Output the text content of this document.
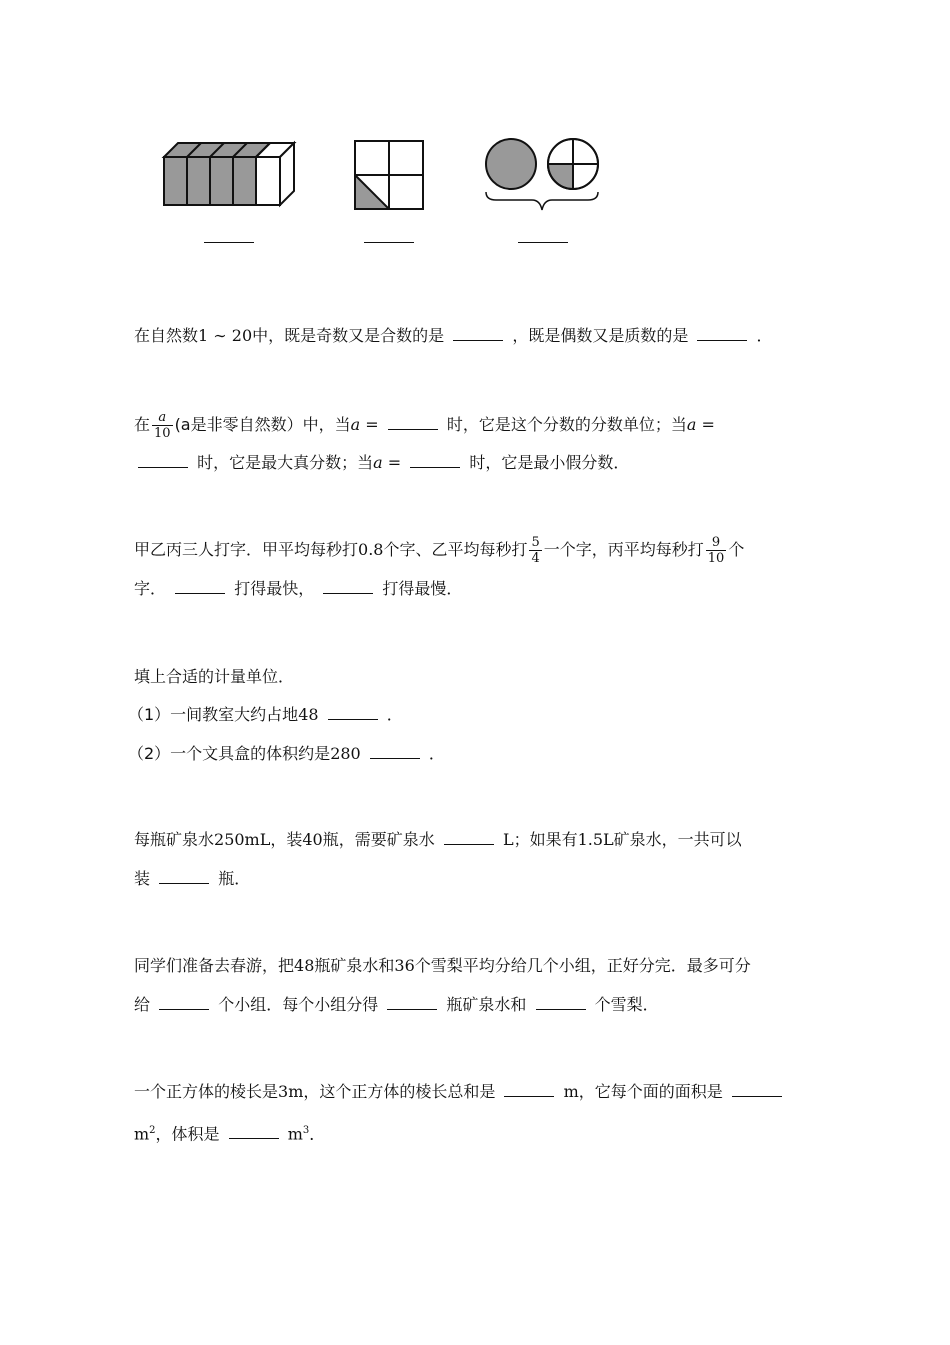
在自然数1 ∼ 20中，既是奇数又是合数的是	，既是偶数又是质数的是	．
在 $\frac{a}{10} (a$是非零自然数）中，当a =	时，它是这个分数的分数单位；当a =
时，它是最大真分数；当a =	时，它是最小假分数．
甲乙丙三人打字．甲平均每秒打0.8个字、乙平均每秒打 $\frac{5}{4}$ 一个字，丙平均每秒打 $\frac{9}{10}$ 个
字．	打得最快，	打得最慢．
填上合适的计量单位．
（1）一间教室大约占地48	．
（2）一个文具盒的体积约是280	．
每瓶矿泉水250mL，装40瓶，需要矿泉水	L；如果有1.5L矿泉水，一共可以
装	瓶．
同学们准备去春游，把48瓶矿泉水和36个雪梨平均分给几个小组，正好分完．最多可分
给	个小组．每个小组分得	瓶矿泉水和	个雪梨．
一个正方体的棱长是3m，这个正方体的棱长总和是	m，它每个面的面积是
$m^2$，体积是	$m^3$．
